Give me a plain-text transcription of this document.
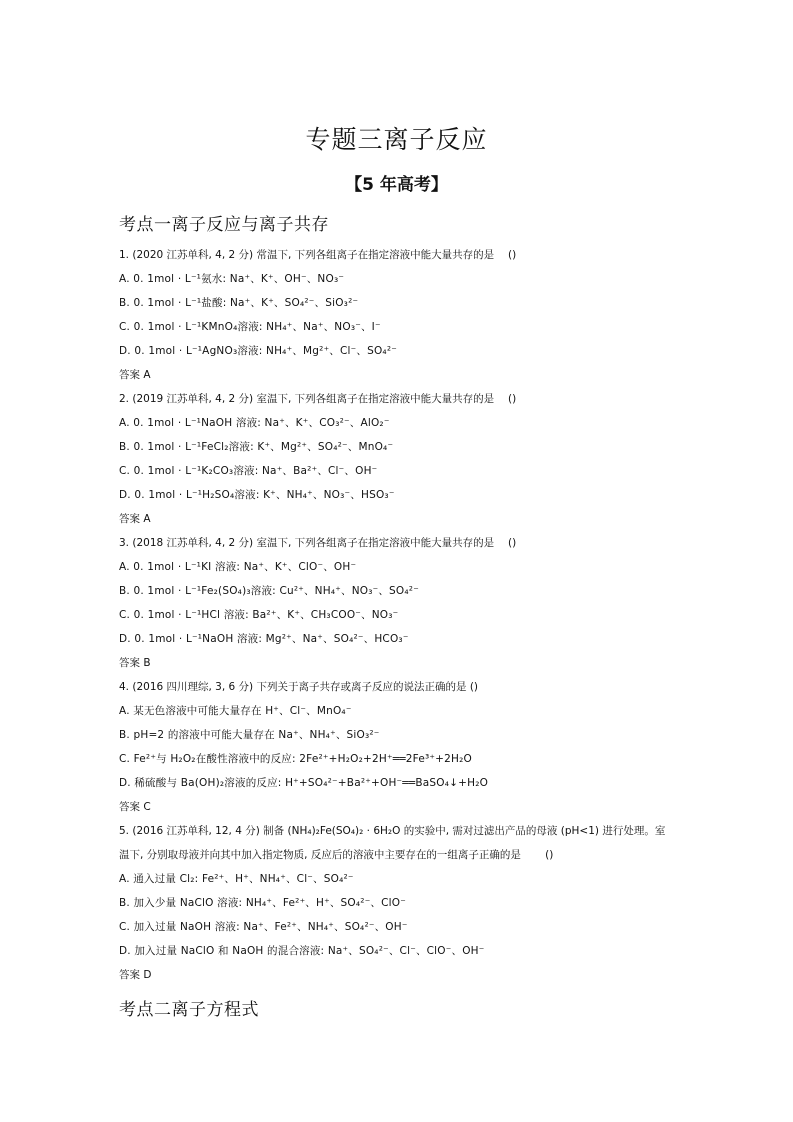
专题三离子反应
【5 年高考】
考点一离子反应与离子共存
1. (2020 江苏单科, 4, 2 分) 常温下, 下列各组离子在指定溶液中能大量共存的是　 ()
A. 0. 1mol · L⁻¹氨水: Na⁺、K⁺、OH⁻、NO₃⁻
B. 0. 1mol · L⁻¹盐酸: Na⁺、K⁺、SO₄²⁻、SiO₃²⁻
C. 0. 1mol · L⁻¹KMnO₄溶液: NH₄⁺、Na⁺、NO₃⁻、I⁻
D. 0. 1mol · L⁻¹AgNO₃溶液: NH₄⁺、Mg²⁺、Cl⁻、SO₄²⁻
答案 A
2. (2019 江苏单科, 4, 2 分) 室温下, 下列各组离子在指定溶液中能大量共存的是　 ()
A. 0. 1mol · L⁻¹NaOH 溶液: Na⁺、K⁺、CO₃²⁻、AlO₂⁻
B. 0. 1mol · L⁻¹FeCl₂溶液: K⁺、Mg²⁺、SO₄²⁻、MnO₄⁻
C. 0. 1mol · L⁻¹K₂CO₃溶液: Na⁺、Ba²⁺、Cl⁻、OH⁻
D. 0. 1mol · L⁻¹H₂SO₄溶液: K⁺、NH₄⁺、NO₃⁻、HSO₃⁻
答案 A
3. (2018 江苏单科, 4, 2 分) 室温下, 下列各组离子在指定溶液中能大量共存的是　 ()
A. 0. 1mol · L⁻¹KI 溶液: Na⁺、K⁺、ClO⁻、OH⁻
B. 0. 1mol · L⁻¹Fe₂(SO₄)₃溶液: Cu²⁺、NH₄⁺、NO₃⁻、SO₄²⁻
C. 0. 1mol · L⁻¹HCl 溶液: Ba²⁺、K⁺、CH₃COO⁻、NO₃⁻
D. 0. 1mol · L⁻¹NaOH 溶液: Mg²⁺、Na⁺、SO₄²⁻、HCO₃⁻
答案 B
4. (2016 四川理综, 3, 6 分) 下列关于离子共存或离子反应的说法正确的是 ()
A. 某无色溶液中可能大量存在 H⁺、Cl⁻、MnO₄⁻
B. pH=2 的溶液中可能大量存在 Na⁺、NH₄⁺、SiO₃²⁻
C. Fe²⁺与 H₂O₂在酸性溶液中的反应: 2Fe²⁺+H₂O₂+2H⁺══2Fe³⁺+2H₂O
D. 稀硫酸与 Ba(OH)₂溶液的反应: H⁺+SO₄²⁻+Ba²⁺+OH⁻══BaSO₄↓+H₂O
答案 C
5. (2016 江苏单科, 12, 4 分) 制备 (NH₄)₂Fe(SO₄)₂ · 6H₂O 的实验中, 需对过滤出产品的母液 (pH<1) 进行处理。室
温下, 分别取母液并向其中加入指定物质, 反应后的溶液中主要存在的一组离子正确的是　　 ()
A. 通入过量 Cl₂: Fe²⁺、H⁺、NH₄⁺、Cl⁻、SO₄²⁻
B. 加入少量 NaClO 溶液: NH₄⁺、Fe²⁺、H⁺、SO₄²⁻、ClO⁻
C. 加入过量 NaOH 溶液: Na⁺、Fe²⁺、NH₄⁺、SO₄²⁻、OH⁻
D. 加入过量 NaClO 和 NaOH 的混合溶液: Na⁺、SO₄²⁻、Cl⁻、ClO⁻、OH⁻
答案 D
考点二离子方程式
